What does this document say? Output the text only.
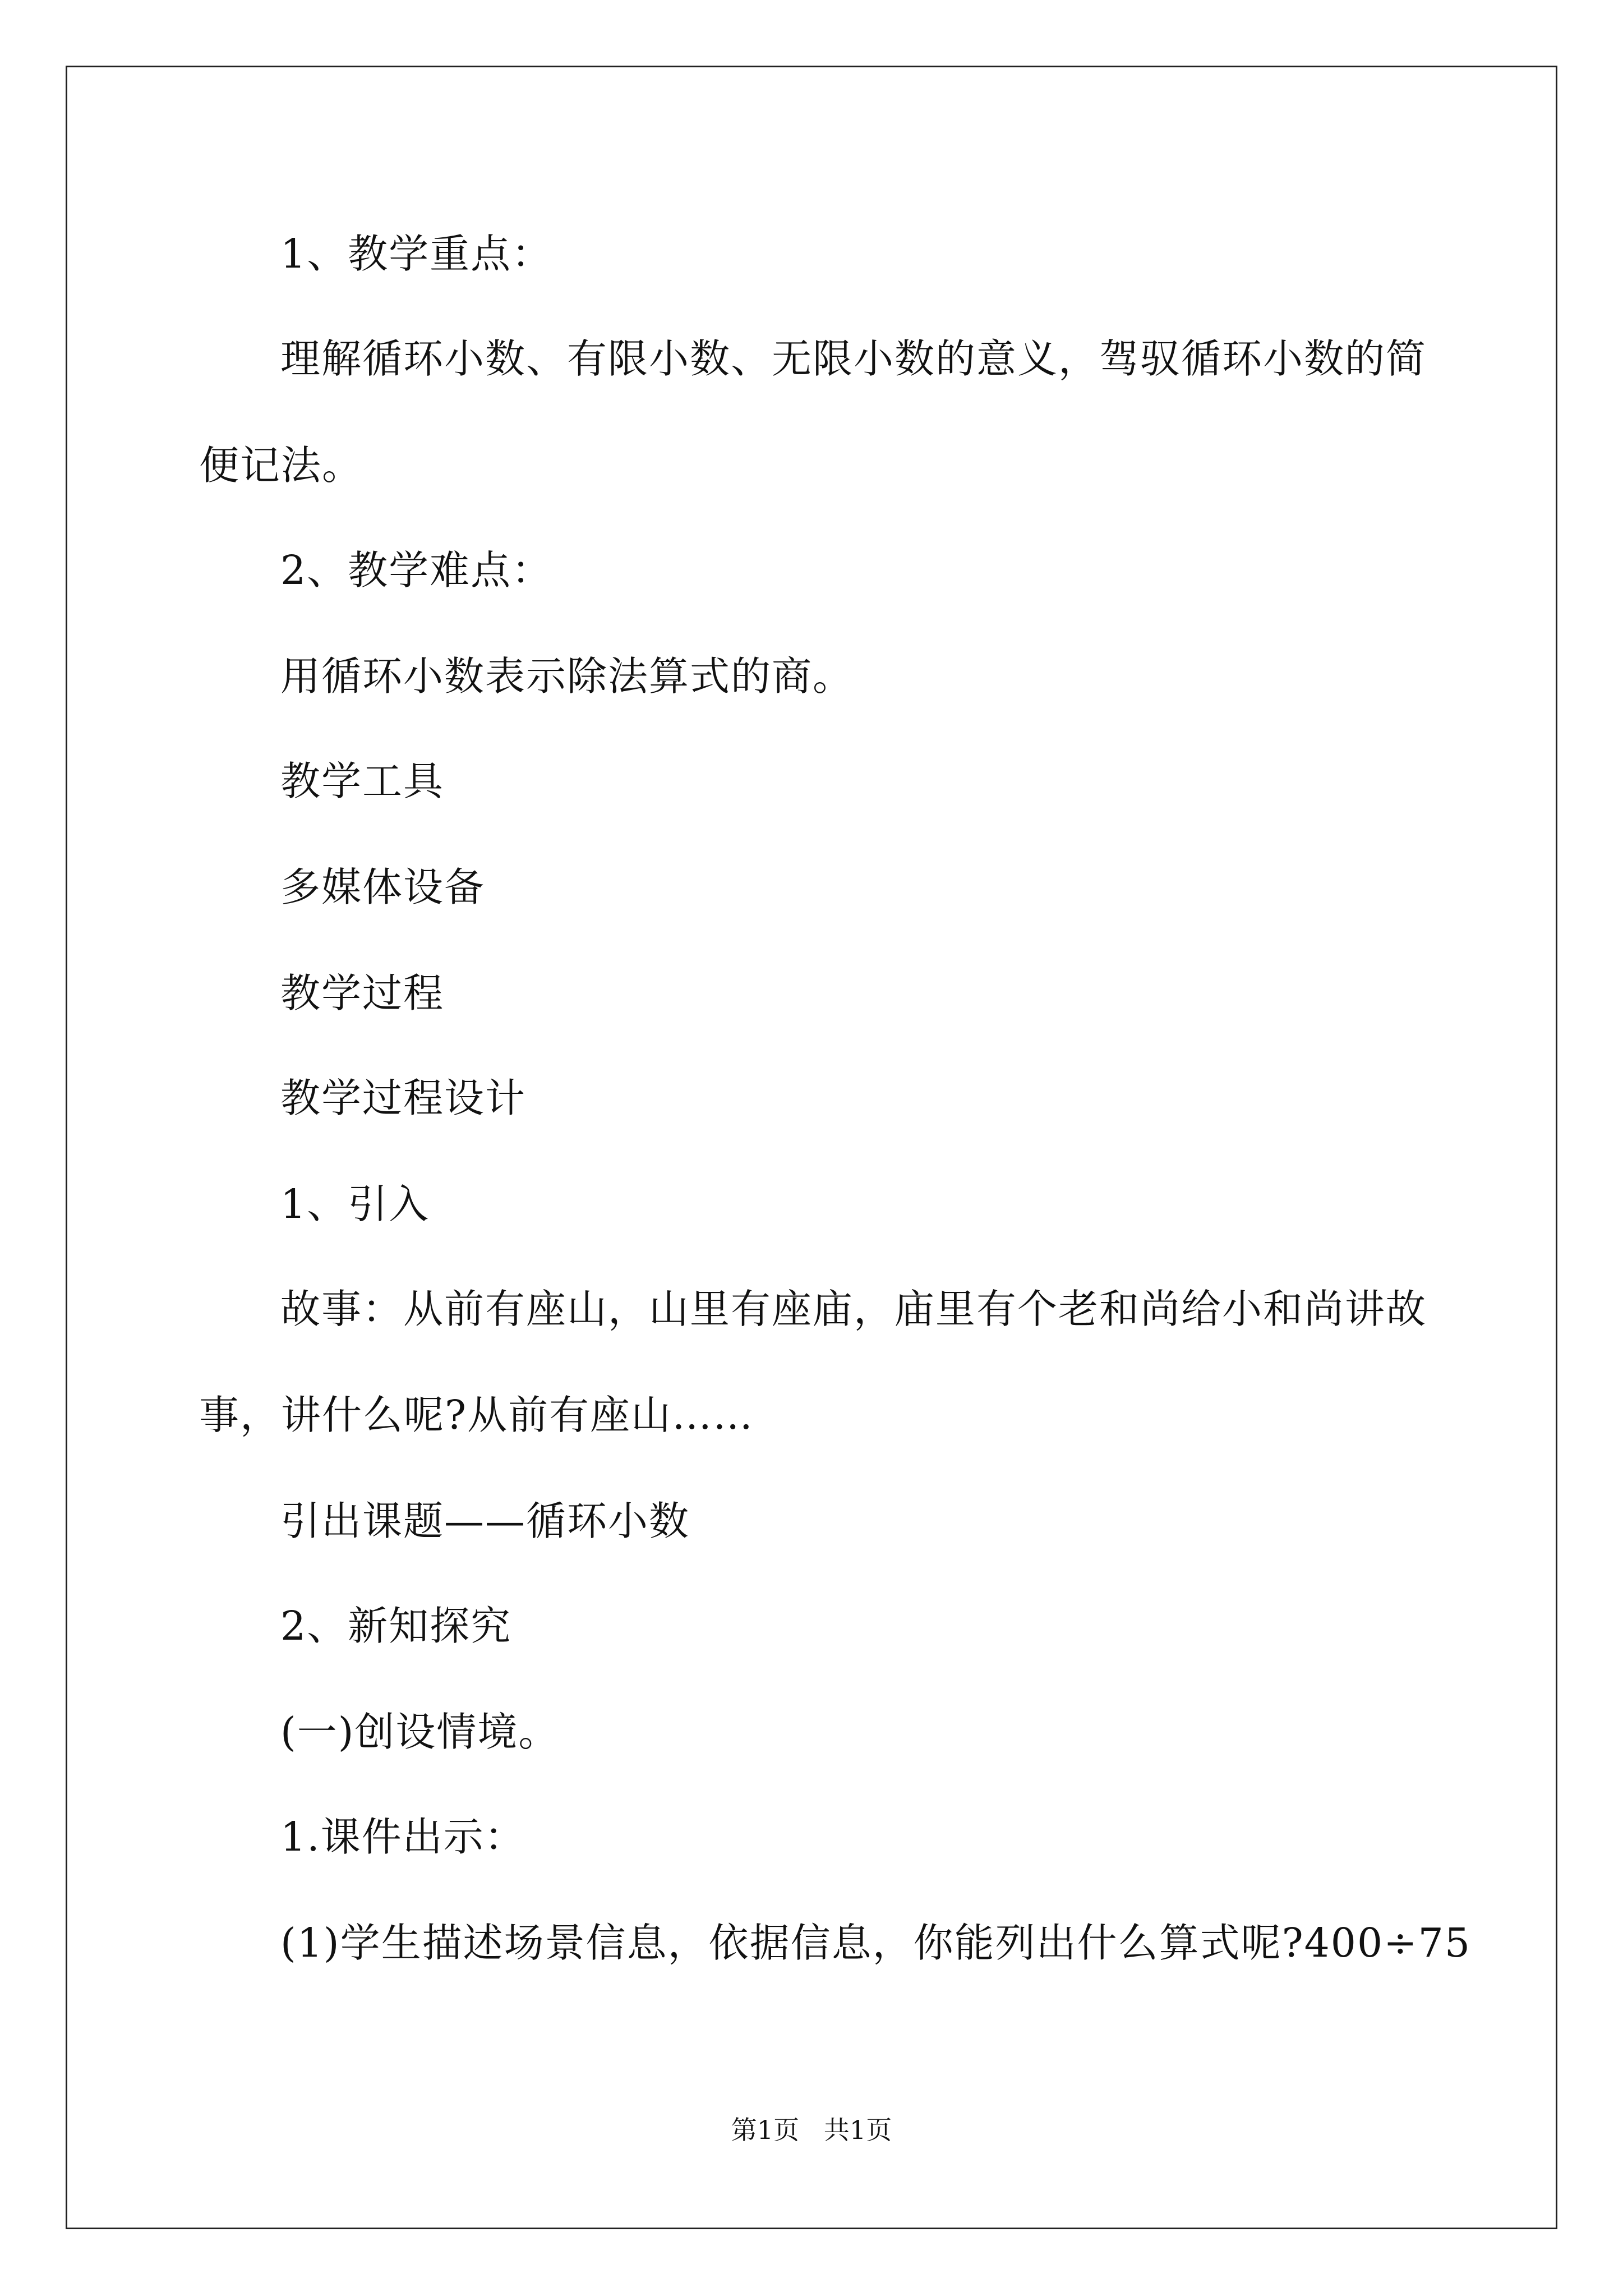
1、教学重点：
理解循环小数、有限小数、无限小数的意义，驾驭循环小数的简
便记法。
2、教学难点：
用循环小数表示除法算式的商。
教学工具
多媒体设备
教学过程
教学过程设计
1、引入
故事：从前有座山，山里有座庙，庙里有个老和尚给小和尚讲故
事，讲什么呢?从前有座山……
引出课题——循环小数
2、新知探究
(一)创设情境。
1.课件出示：
(1)学生描述场景信息，依据信息，你能列出什么算式呢?400÷75
第1页   共1页
